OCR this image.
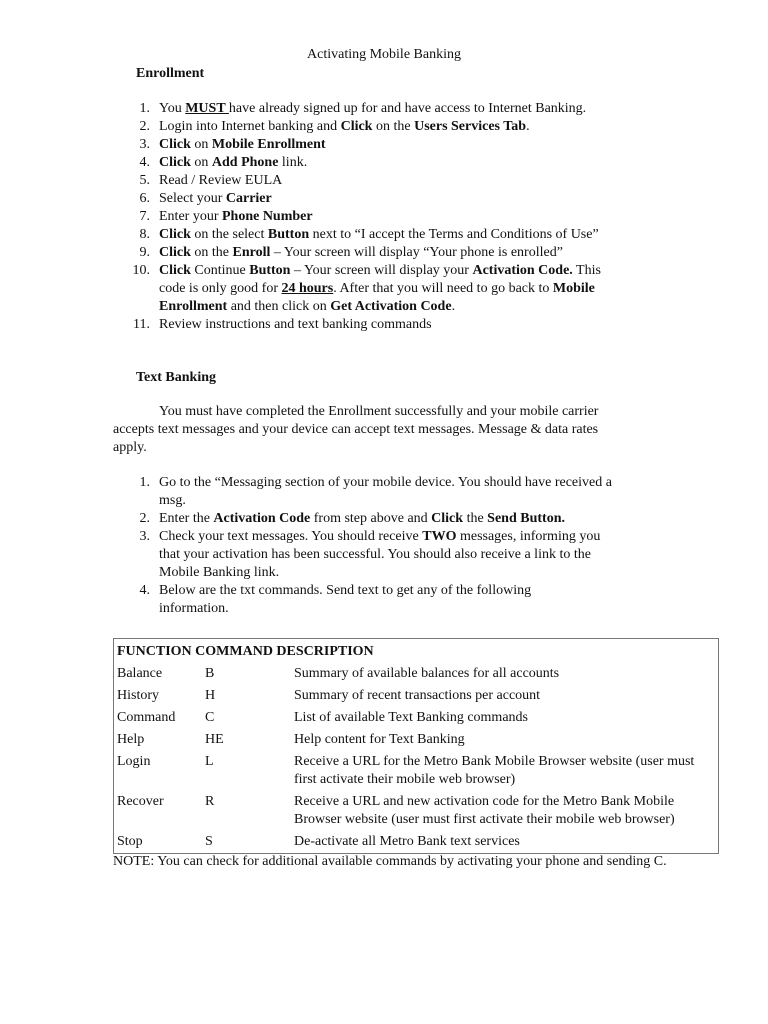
Activating Mobile Banking
Enrollment
1. You MUST have already signed up for and have access to Internet Banking.
2. Login into Internet banking and Click on the Users Services Tab.
3. Click on Mobile Enrollment
4. Click on Add Phone link.
5. Read / Review EULA
6. Select your Carrier
7. Enter your Phone Number
8. Click on the select Button next to “I accept the Terms and Conditions of Use”
9. Click on the Enroll – Your screen will display “Your phone is enrolled”
10. Click Continue Button – Your screen will display your Activation Code. This
code is only good for 24 hours. After that you will need to go back to Mobile
Enrollment and then click on Get Activation Code.
11. Review instructions and text banking commands
Text Banking
You must have completed the Enrollment successfully and your mobile carrier
accepts text messages and your device can accept text messages. Message & data rates
apply.
1. Go to the “Messaging section of your mobile device. You should have received a
msg.
2. Enter the Activation Code from step above and Click the Send Button.
3. Check your text messages. You should receive TWO messages, informing you
that your activation has been successful. You should also receive a link to the
Mobile Banking link.
4. Below are the txt commands. Send text to get any of the following
information.
FUNCTION COMMAND DESCRIPTION		
Balance	B	Summary of available balances for all accounts
History	H	Summary of recent transactions per account
Command	C	List of available Text Banking commands
Help	HE	Help content for Text Banking
Login	L	Receive a URL for the Metro Bank Mobile Browser website (user must first activate their mobile web browser)
Recover	R	Receive a URL and new activation code for the Metro Bank Mobile Browser website (user must first activate their mobile web browser)
Stop	S	De-activate all Metro Bank text services
NOTE: You can check for additional available commands by activating your phone and sending C.
